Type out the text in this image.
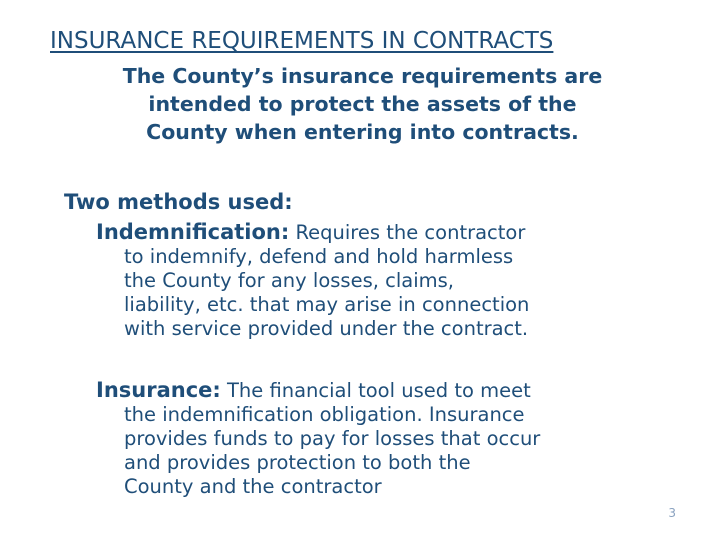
INSURANCE REQUIREMENTS IN CONTRACTS
The County’s insurance requirements are
intended to protect the assets of the
County when entering into contracts.
Two methods used:
Indemnification: Requires the contractor
to indemnify, defend and hold harmless
the County for any losses, claims,
liability, etc. that may arise in connection
with service provided under the contract.
Insurance: The financial tool used to meet
the indemnification obligation. Insurance
provides funds to pay for losses that occur
and provides protection to both the
County and the contractor
3
